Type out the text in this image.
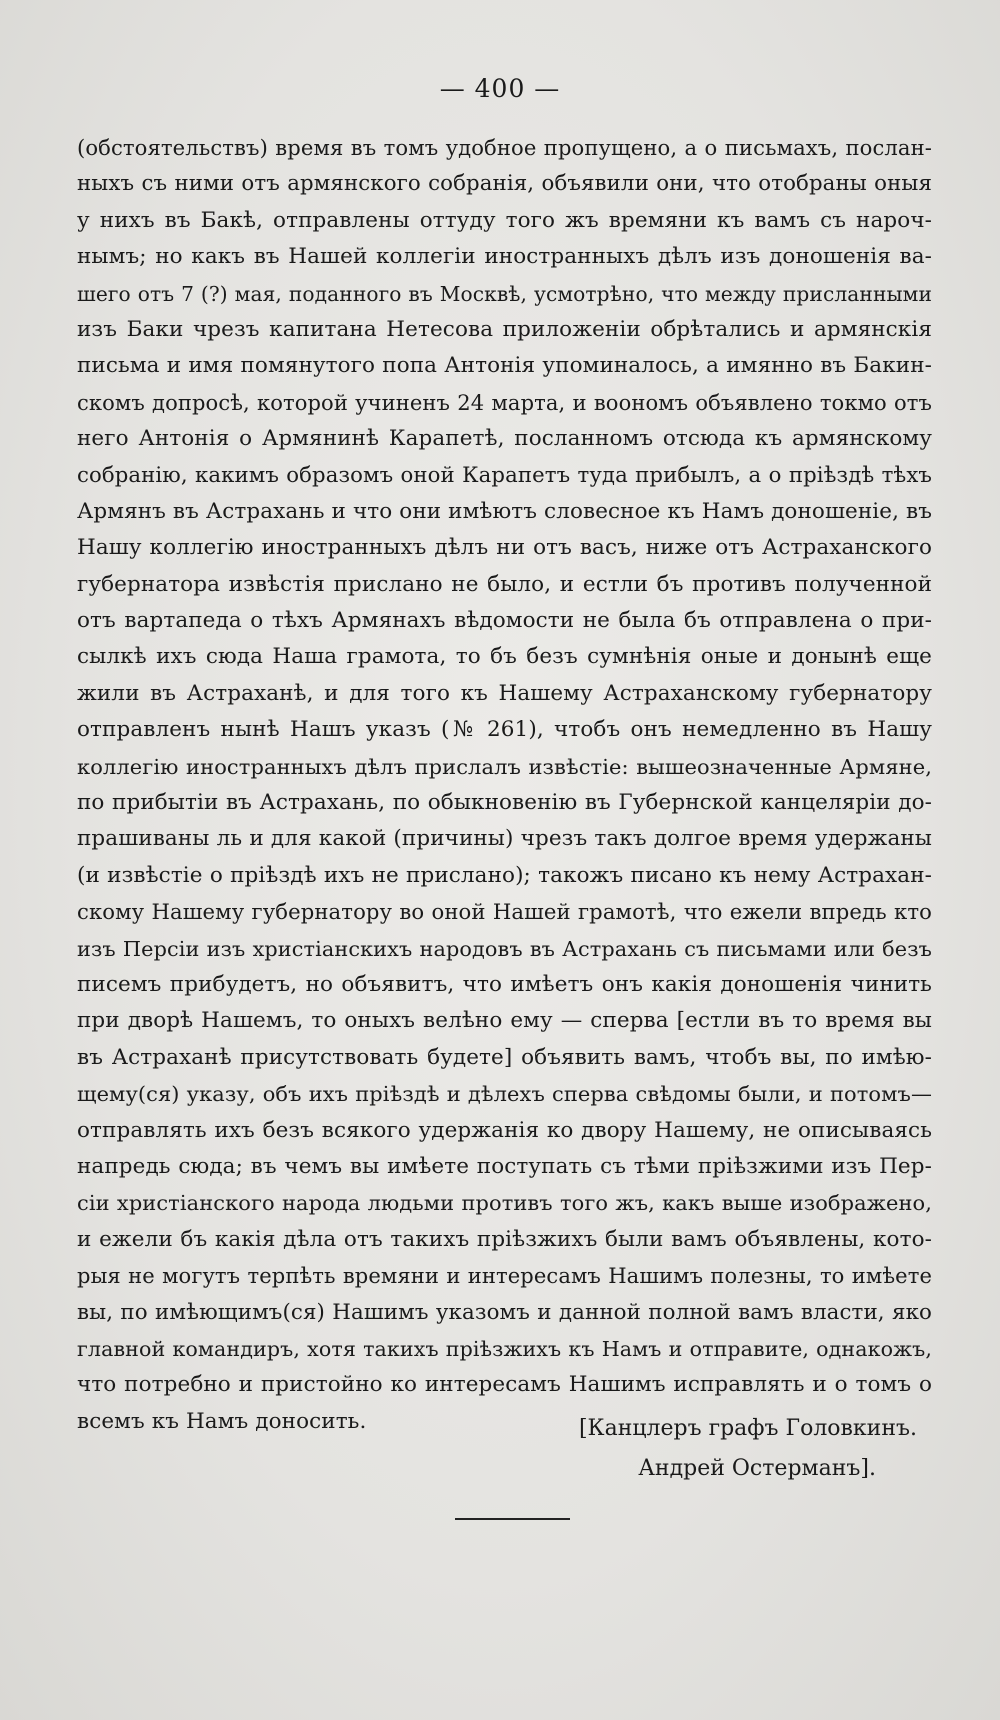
— 400 —
(обстоятельствъ) время въ томъ удобное пропущено, а о письмахъ, послан-
ныхъ съ ними отъ армянского собранія, объявили они, что отобраны оныя
у нихъ въ Бакѣ, отправлены оттуду того жъ времяни къ вамъ съ нароч-
нымъ; но какъ въ Нашей коллегіи иностранныхъ дѣлъ изъ доношенія ва-
шего отъ 7 (?) мая, поданного въ Москвѣ, усмотрѣно, что между присланными
изъ Баки чрезъ капитана Нетесова приложеніи обрѣтались и армянскія
письма и имя помянутого попа Антонія упоминалось, а имянно въ Бакин-
скомъ допросѣ, которой учиненъ 24 марта, и воономъ объявлено токмо отъ
него Антонія о Армянинѣ Карапетѣ, посланномъ отсюда къ армянскому
собранію, какимъ образомъ оной Карапетъ туда прибылъ, а о пріѣздѣ тѣхъ
Армянъ въ Астрахань и что они имѣютъ словесное къ Намъ доношеніе, въ
Нашу коллегію иностранныхъ дѣлъ ни отъ васъ, ниже отъ Астраханского
губернатора извѣстія прислано не было, и естли бъ противъ полученной
отъ вартапеда о тѣхъ Армянахъ вѣдомости не была бъ отправлена о при-
сылкѣ ихъ сюда Наша грамота, то бъ безъ сумнѣнія оные и донынѣ еще
жили въ Астраханѣ, и для того къ Нашему Астраханскому губернатору
отправленъ нынѣ Нашъ указъ (№ 261), чтобъ онъ немедленно въ Нашу
коллегію иностранныхъ дѣлъ прислалъ извѣстіе: вышеозначенные Армяне,
по прибытіи въ Астрахань, по обыкновенію въ Губернской канцеляріи до-
прашиваны ль и для какой (причины) чрезъ такъ долгое время удержаны
(и извѣстіе о пріѣздѣ ихъ не прислано); такожъ писано къ нему Астрахан-
скому Нашему губернатору во оной Нашей грамотѣ, что ежели впредь кто
изъ Персіи изъ христіанскихъ народовъ въ Астрахань съ письмами или безъ
писемъ прибудетъ, но объявитъ, что имѣетъ онъ какія доношенія чинить
при дворѣ Нашемъ, то оныхъ велѣно ему — сперва [естли въ то время вы
въ Астраханѣ присутствовать будете] объявить вамъ, чтобъ вы, по имѣю-
щему(ся) указу, объ ихъ пріѣздѣ и дѣлехъ сперва свѣдомы были, и потомъ—
отправлять ихъ безъ всякого удержанія ко двору Нашему, не описываясь
напредь сюда; въ чемъ вы имѣете поступать съ тѣми пріѣзжими изъ Пер-
сіи христіанского народа людьми противъ того жъ, какъ выше изображено,
и ежели бъ какія дѣла отъ такихъ пріѣзжихъ были вамъ объявлены, кото-
рыя не могутъ терпѣть времяни и интересамъ Нашимъ полезны, то имѣете
вы, по имѣющимъ(ся) Нашимъ указомъ и данной полной вамъ власти, яко
главной командиръ, хотя такихъ пріѣзжихъ къ Намъ и отправите, однакожъ,
что потребно и пристойно ко интересамъ Нашимъ исправлять и о томъ о
всемъ къ Намъ доносить.	[Канцлеръ графъ Головкинъ.
Андрей Остерманъ].
